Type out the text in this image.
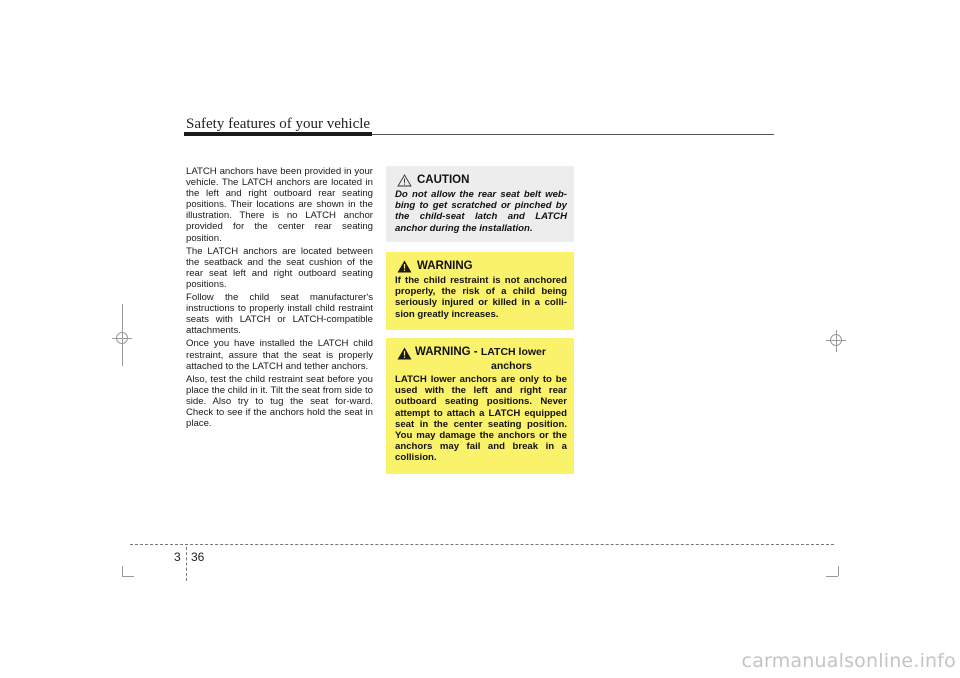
Safety features of your vehicle

LATCH anchors have been provided in your vehicle. The LATCH anchors are located in the left and right outboard rear seating positions. Their locations are shown in the illustration. There is no LATCH anchor provided for the center rear seating position.

The LATCH anchors are located between the seatback and the seat cushion of the rear seat left and right outboard seating positions.

Follow the child seat manufacturer's instructions to properly install child restraint seats with LATCH or LATCH-compatible attachments.

Once you have installed the LATCH child restraint, assure that the seat is properly attached to the LATCH and tether anchors.

Also, test the child restraint seat before you place the child in it. Tilt the seat from side to side. Also try to tug the seat for-ward. Check to see if the anchors hold the seat in place.

CAUTION
Do not allow the rear seat belt web-bing to get scratched or pinched by the child-seat latch and LATCH anchor during the installation.
WARNING
If the child restraint is not anchored properly, the risk of a child being seriously injured or killed in a colli-sion greatly increases.
WARNING - LATCH lower
anchors
LATCH lower anchors are only to be used with the left and right rear outboard seating positions. Never attempt to attach a LATCH equipped seat in the center seating position. You may damage the anchors or the anchors may fail and break in a collision.
3 36
carmanualsonline.info
